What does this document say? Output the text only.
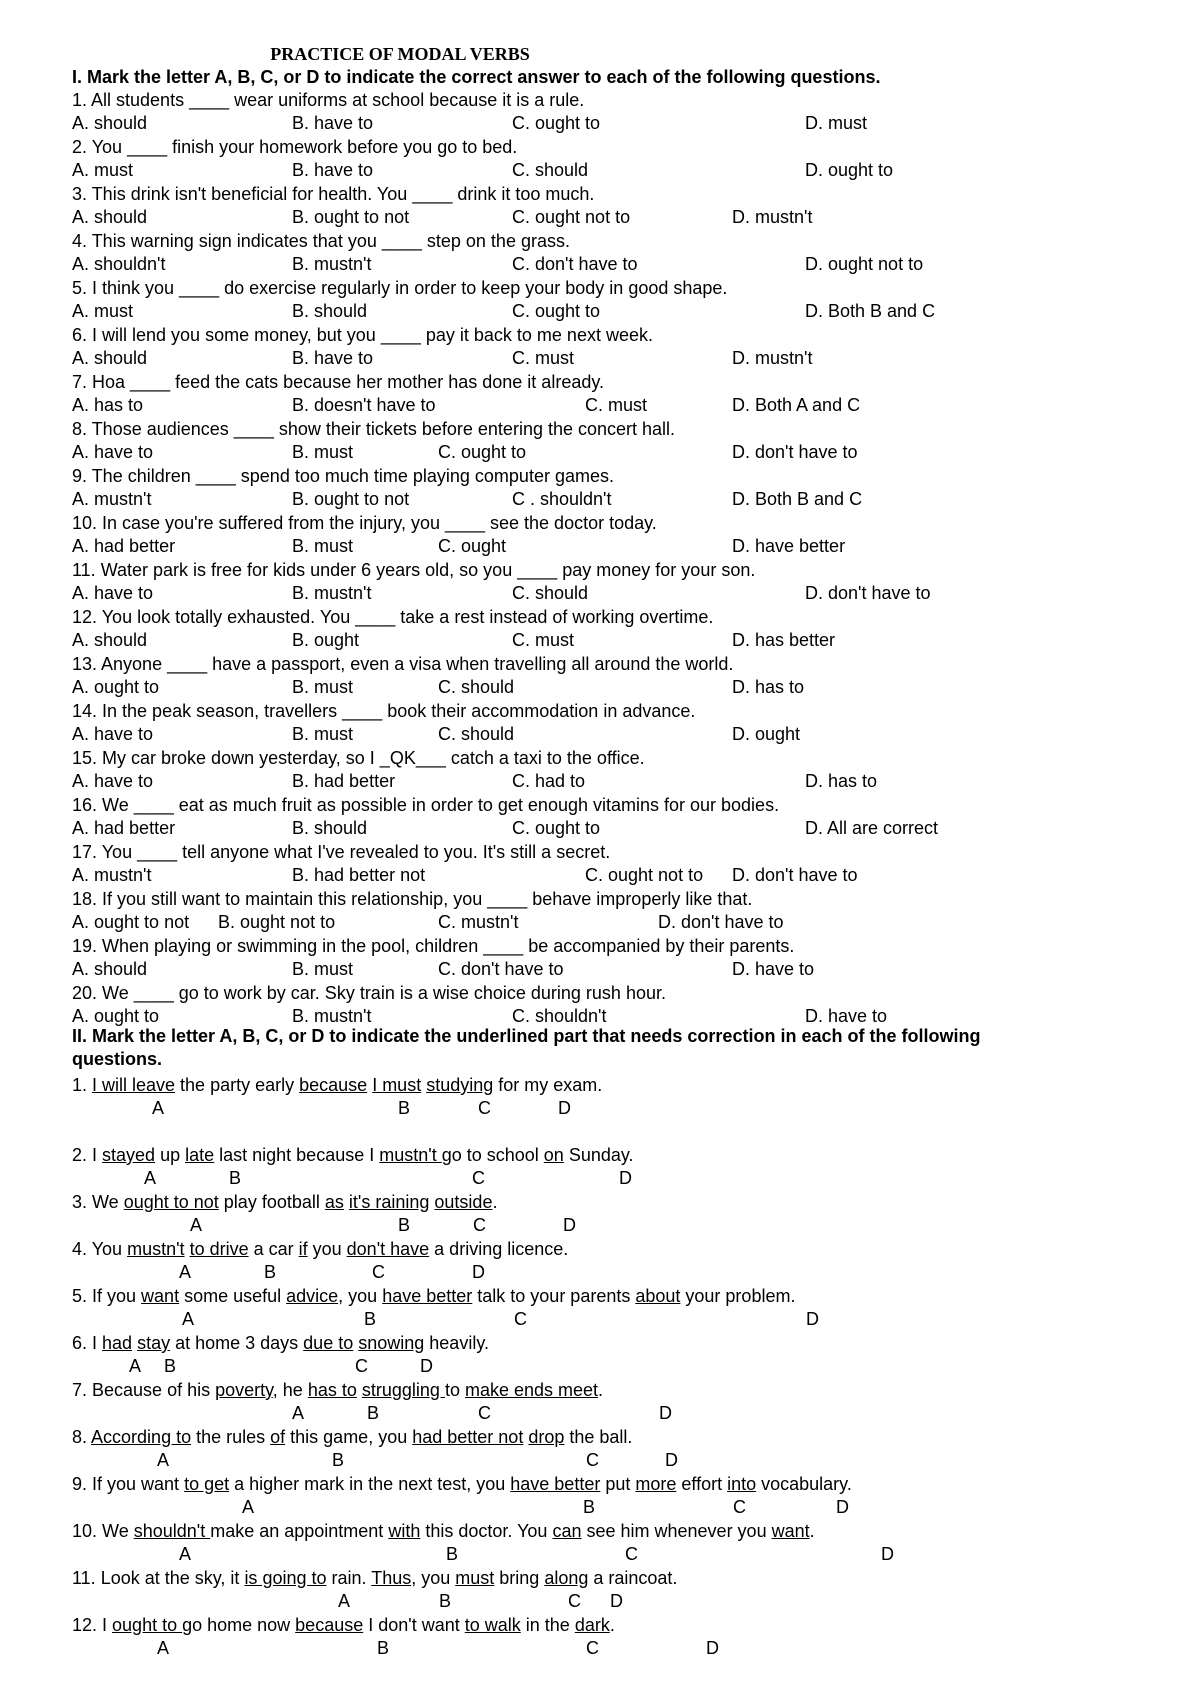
PRACTICE OF MODAL VERBS
I. Mark the letter A, B, C, or D to indicate the correct answer to each of the following questions.
1. All students ____ wear uniforms at school because it is a rule.
A. should	B. have to	C. ought to	D. must
2. You ____ finish your homework before you go to bed.
A. must	B. have to	C. should	D. ought to
3. This drink isn't beneficial for health. You ____ drink it too much.
A. should	B. ought to not	C. ought not to	D. mustn't
4. This warning sign indicates that you ____ step on the grass.
A. shouldn't	B. mustn't	C. don't have to	D. ought not to
5. I think you ____ do exercise regularly in order to keep your body in good shape.
A. must	B. should	C. ought to	D. Both B and C
6. I will lend you some money, but you ____ pay it back to me next week.
A. should	B. have to	C. must	D. mustn't
7. Hoa ____ feed the cats because her mother has done it already.
A. has to	B. doesn't have to	C. must	D. Both A and C
8. Those audiences ____ show their tickets before entering the concert hall.
A. have to	B. must	C. ought to	D. don't have to
9. The children ____ spend too much time playing computer games.
A. mustn't	B. ought to not	C . shouldn't	D. Both B and C
10. In case you're suffered from the injury, you ____ see the doctor today.
A. had better	B. must	C. ought	D. have better
11. Water park is free for kids under 6 years old, so you ____ pay money for your son.
A. have to	B. mustn't	C. should	D. don't have to
12. You look totally exhausted. You ____ take a rest instead of working overtime.
A. should	B. ought	C. must	D. has better
13. Anyone ____ have a passport, even a visa when travelling all around the world.
A. ought to	B. must	C. should	D. has to
14. In the peak season, travellers ____ book their accommodation in advance.
A. have to	B. must	C. should	D. ought
15. My car broke down yesterday, so I _QK___ catch a taxi to the office.
A. have to	B. had better	C. had to	D. has to
16. We ____ eat as much fruit as possible in order to get enough vitamins for our bodies.
A. had better	B. should	C. ought to	D. All are correct
17. You ____ tell anyone what I've revealed to you. It's still a secret.
A. mustn't	B. had better not	C. ought not to D. don't have to
18. If you still want to maintain this relationship, you ____ behave improperly like that.
A. ought to not B. ought not to	C. mustn't	D. don't have to
19. When playing or swimming in the pool, children ____ be accompanied by their parents.
A. should	B. must	C. don't have to	D. have to
20. We ____ go to work by car. Sky train is a wise choice during rush hour.
A. ought to	B. mustn't	C. shouldn't	D. have to
II. Mark the letter A, B, C, or D to indicate the underlined part that needs correction in each of the following
questions.
1. I will leave the party early because I must studying for my exam.
A	B	C	D
2. I stayed up late last night because I mustn't go to school on Sunday.
A	B	C	D
3. We ought to not play football as it's raining outside.
A	B	C	D
4. You mustn't to drive a car if you don't have a driving licence.
A	B	C	D
5. If you want some useful advice, you have better talk to your parents about your problem.
A	B	C	D
6. I had stay at home 3 days due to snowing heavily.
A B	C	D
7. Because of his poverty, he has to struggling to make ends meet.
A	B	C	D
8. According to the rules of this game, you had better not drop the ball.
A	B	C	D
9. If you want to get a higher mark in the next test, you have better put more effort into vocabulary.
A	B	C	D
10. We shouldn't make an appointment with this doctor. You can see him whenever you want.
A	B	C	D
11. Look at the sky, it is going to rain. Thus, you must bring along a raincoat.
A	B	C D
12. I ought to go home now because I don't want to walk in the dark.
A	B	C	D
